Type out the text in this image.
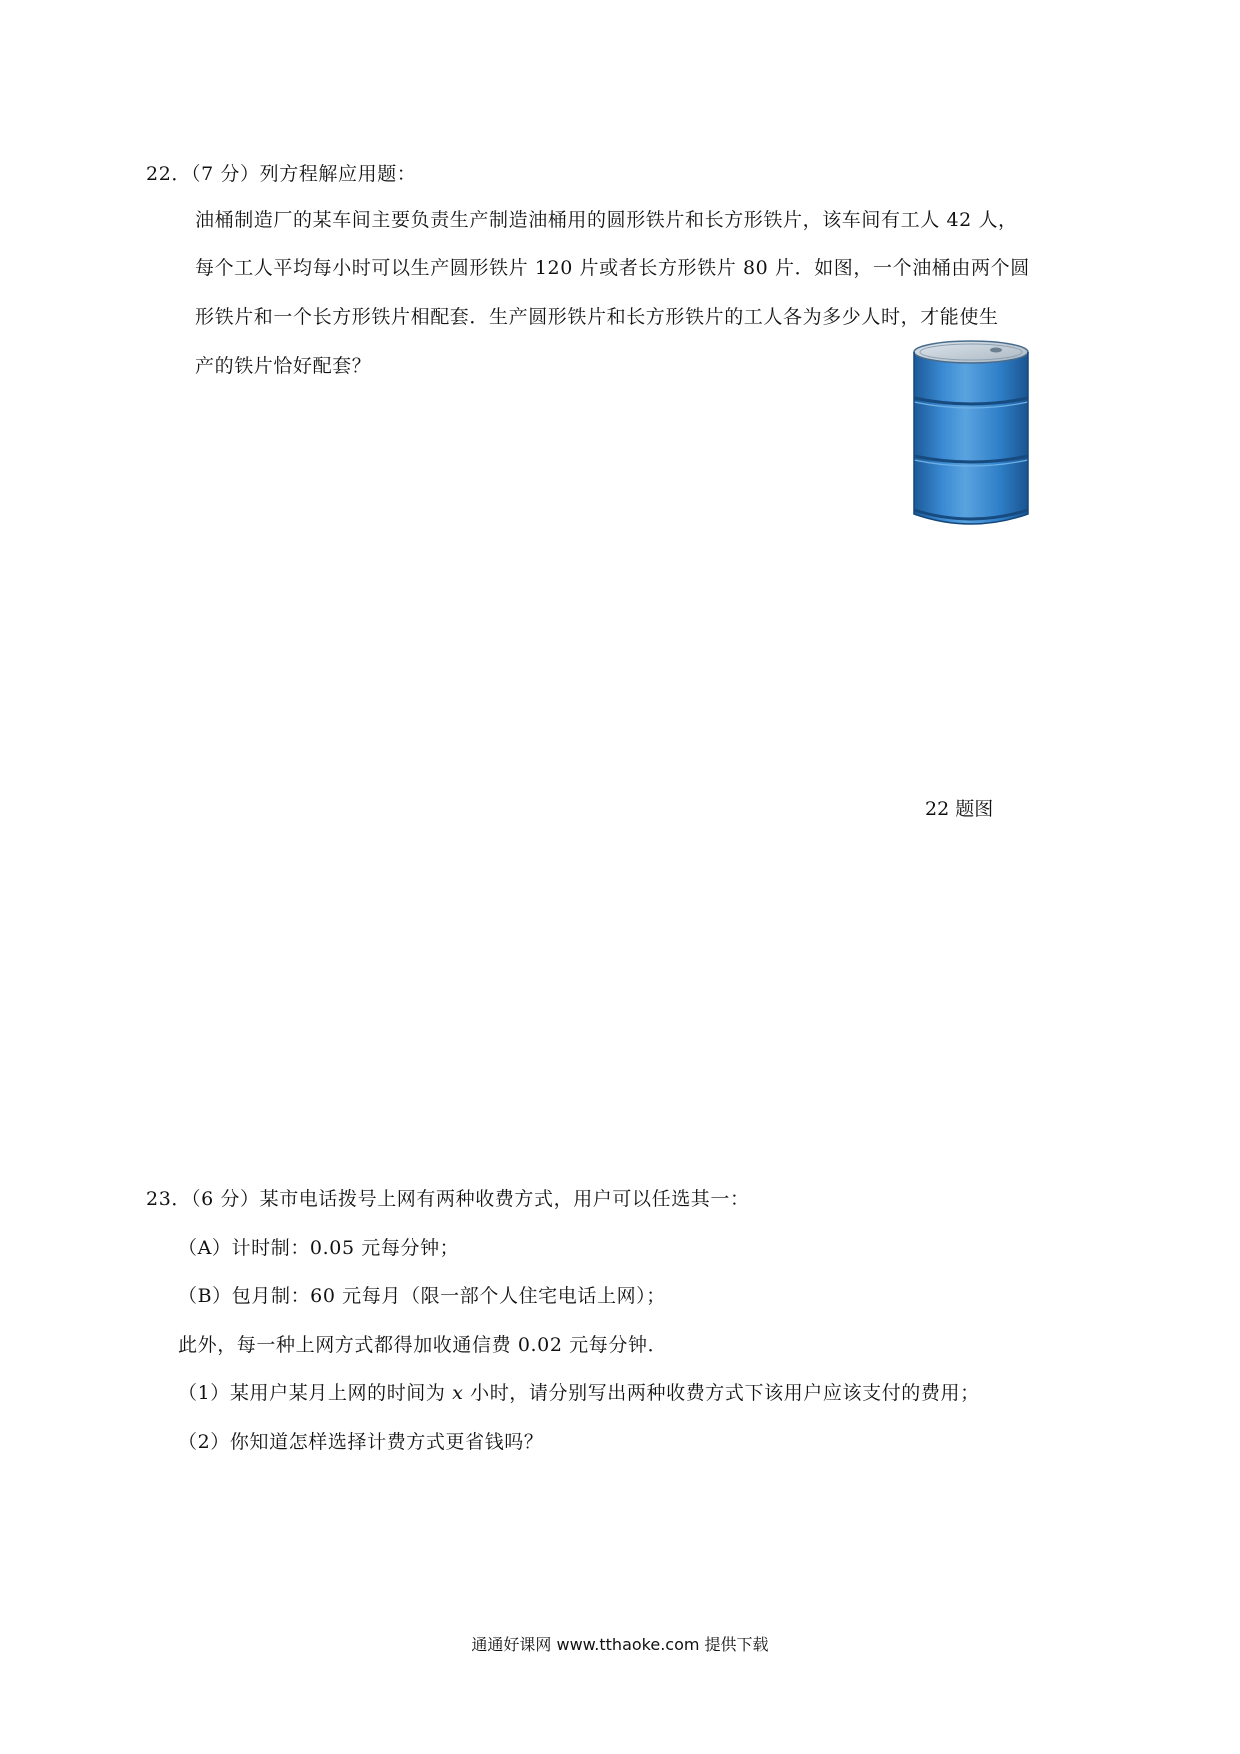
22．（7 分）列方程解应用题：
油桶制造厂的某车间主要负责生产制造油桶用的圆形铁片和长方形铁片，该车间有工人 42 人，
每个工人平均每小时可以生产圆形铁片 120 片或者长方形铁片 80 片．如图，一个油桶由两个圆
形铁片和一个长方形铁片相配套．生产圆形铁片和长方形铁片的工人各为多少人时，才能使生
产的铁片恰好配套？
22 题图
23．（6 分）某市电话拨号上网有两种收费方式，用户可以任选其一：
（A）计时制：0.05 元每分钟；
（B）包月制：60 元每月（限一部个人住宅电话上网）；
此外，每一种上网方式都得加收通信费 0.02 元每分钟．
（1）某用户某月上网的时间为 x 小时，请分别写出两种收费方式下该用户应该支付的费用；
（2）你知道怎样选择计费方式更省钱吗？
通通好课网 www.tthaoke.com 提供下载
